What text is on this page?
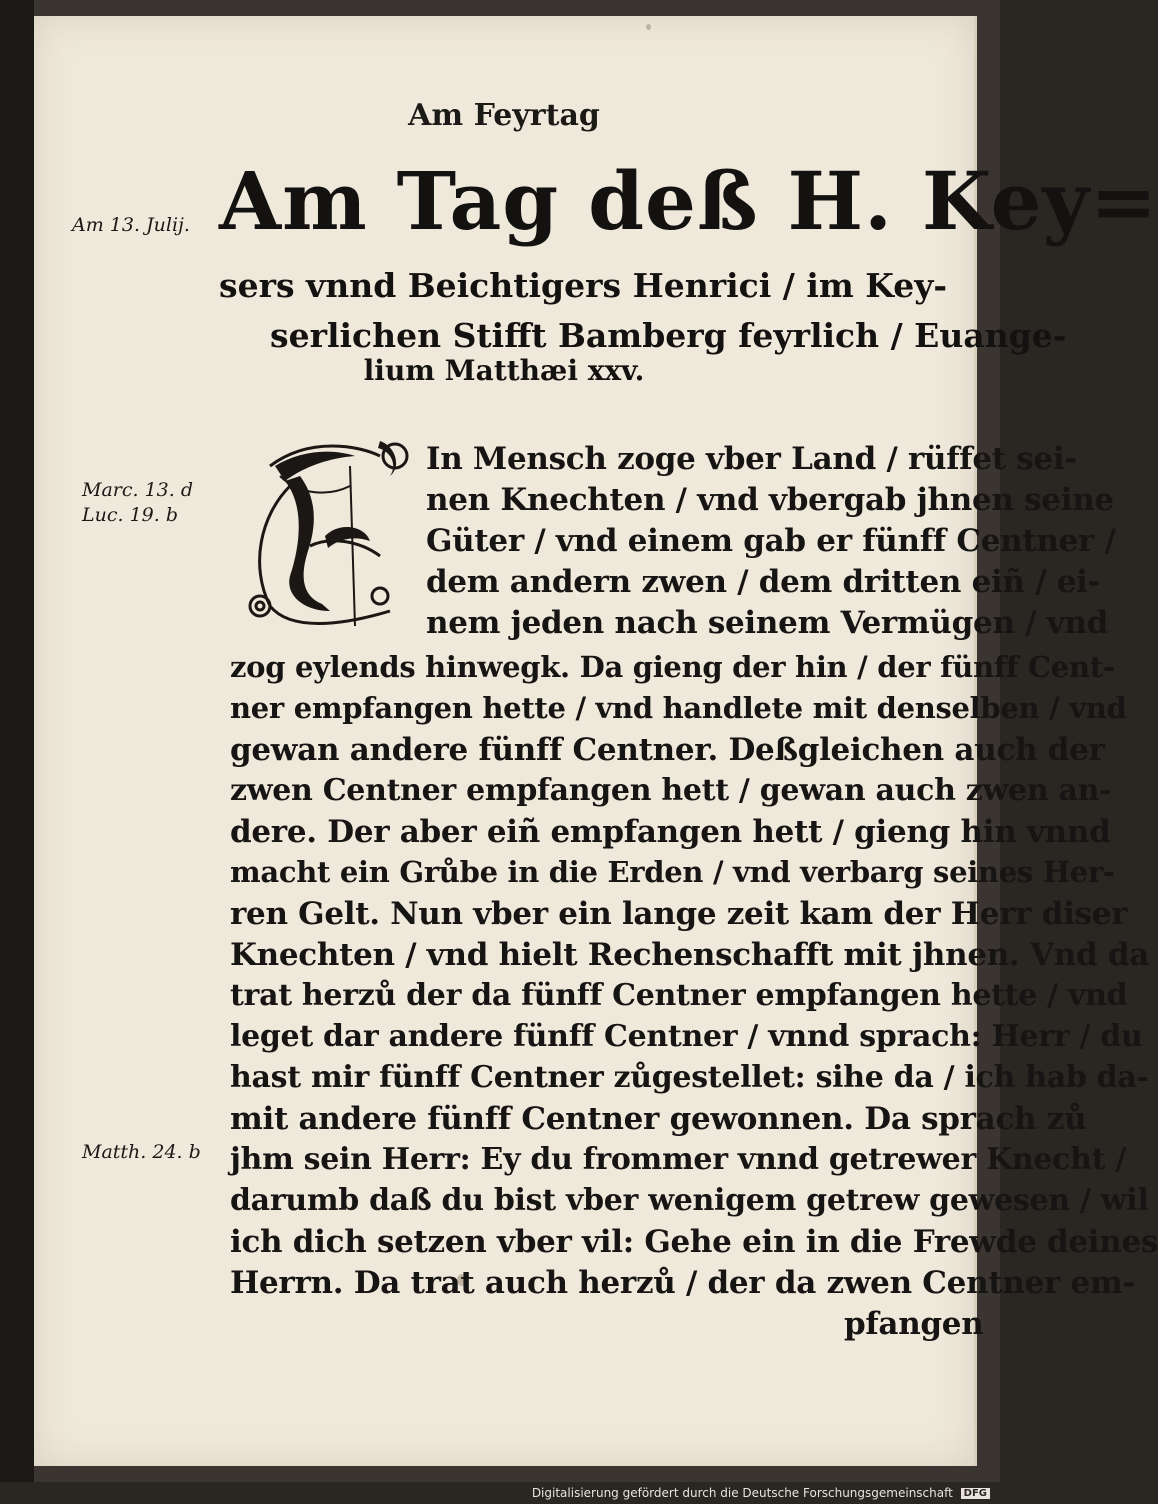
Am Feyrtag
Am Tag deß H. Key=
sers vnnd Beichtigers Henrici / im Key-
serlichen Stifft Bamberg feyrlich / Euange-
lium Matthæi xxv.
Am 13. Julij.
Marc. 13. d
Luc. 19. b
Matth. 24. b
In Mensch zoge vber Land / rüffet sei-
nen Knechten / vnd vbergab jhnen seine
Güter / vnd einem gab er fünff Centner /
dem andern zwen / dem dritten eiñ / ei-
nem jeden nach seinem Vermügen / vnd
zog eylends hinwegk. Da gieng der hin / der fünff Cent-
ner empfangen hette / vnd handlete mit denselben / vnd
gewan andere fünff Centner. Deßgleichen auch der
zwen Centner empfangen hett / gewan auch zwen an-
dere. Der aber eiñ empfangen hett / gieng hin vnnd
macht ein Grůbe in die Erden / vnd verbarg seines Her-
ren Gelt. Nun vber ein lange zeit kam der Herr diser
Knechten / vnd hielt Rechenschafft mit jhnen. Vnd da
trat herzů der da fünff Centner empfangen hette / vnd
leget dar andere fünff Centner / vnnd sprach: Herr / du
hast mir fünff Centner zůgestellet: sihe da / ich hab da-
mit andere fünff Centner gewonnen. Da sprach zů
jhm sein Herr: Ey du frommer vnnd getrewer Knecht /
darumb daß du bist vber wenigem getrew gewesen / wil
ich dich setzen vber vil: Gehe ein in die Frewde deines
Herrn. Da trat auch herzů / der da zwen Centner em-
pfangen
Digitalisierung gefördert durch die Deutsche Forschungsgemeinschaft DFG
